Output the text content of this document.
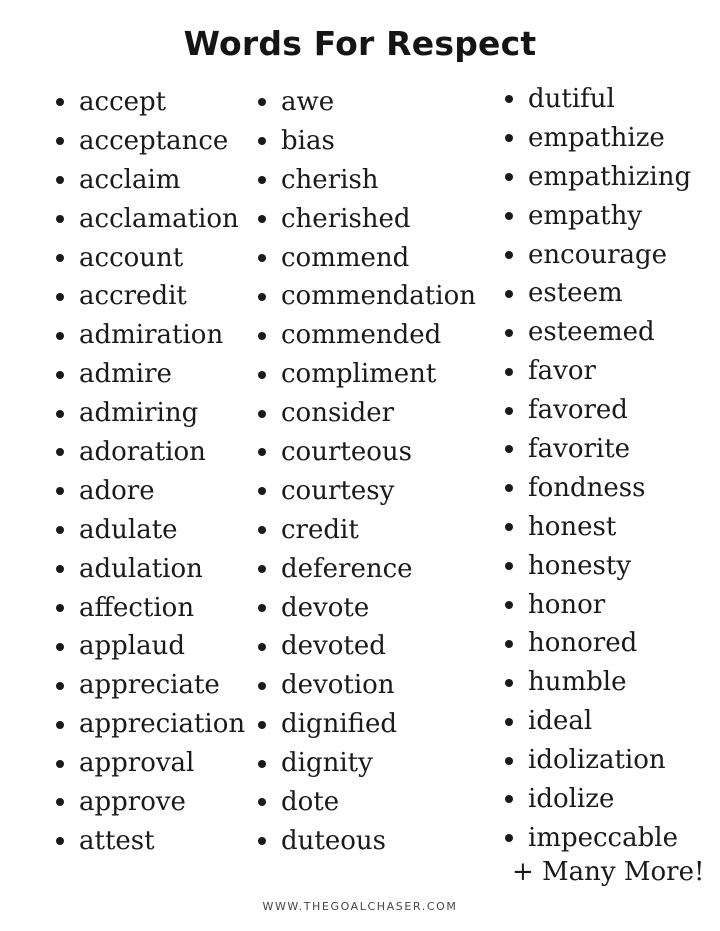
Words For Respect
accept
acceptance
acclaim
acclamation
account
accredit
admiration
admire
admiring
adoration
adore
adulate
adulation
affection
applaud
appreciate
appreciation
approval
approve
attest
awe
bias
cherish
cherished
commend
commendation
commended
compliment
consider
courteous
courtesy
credit
deference
devote
devoted
devotion
dignified
dignity
dote
duteous
dutiful
empathize
empathizing
empathy
encourage
esteem
esteemed
favor
favored
favorite
fondness
honest
honesty
honor
honored
humble
ideal
idolization
idolize
impeccable
+ Many More!
WWW.THEGOALCHASER.COM
